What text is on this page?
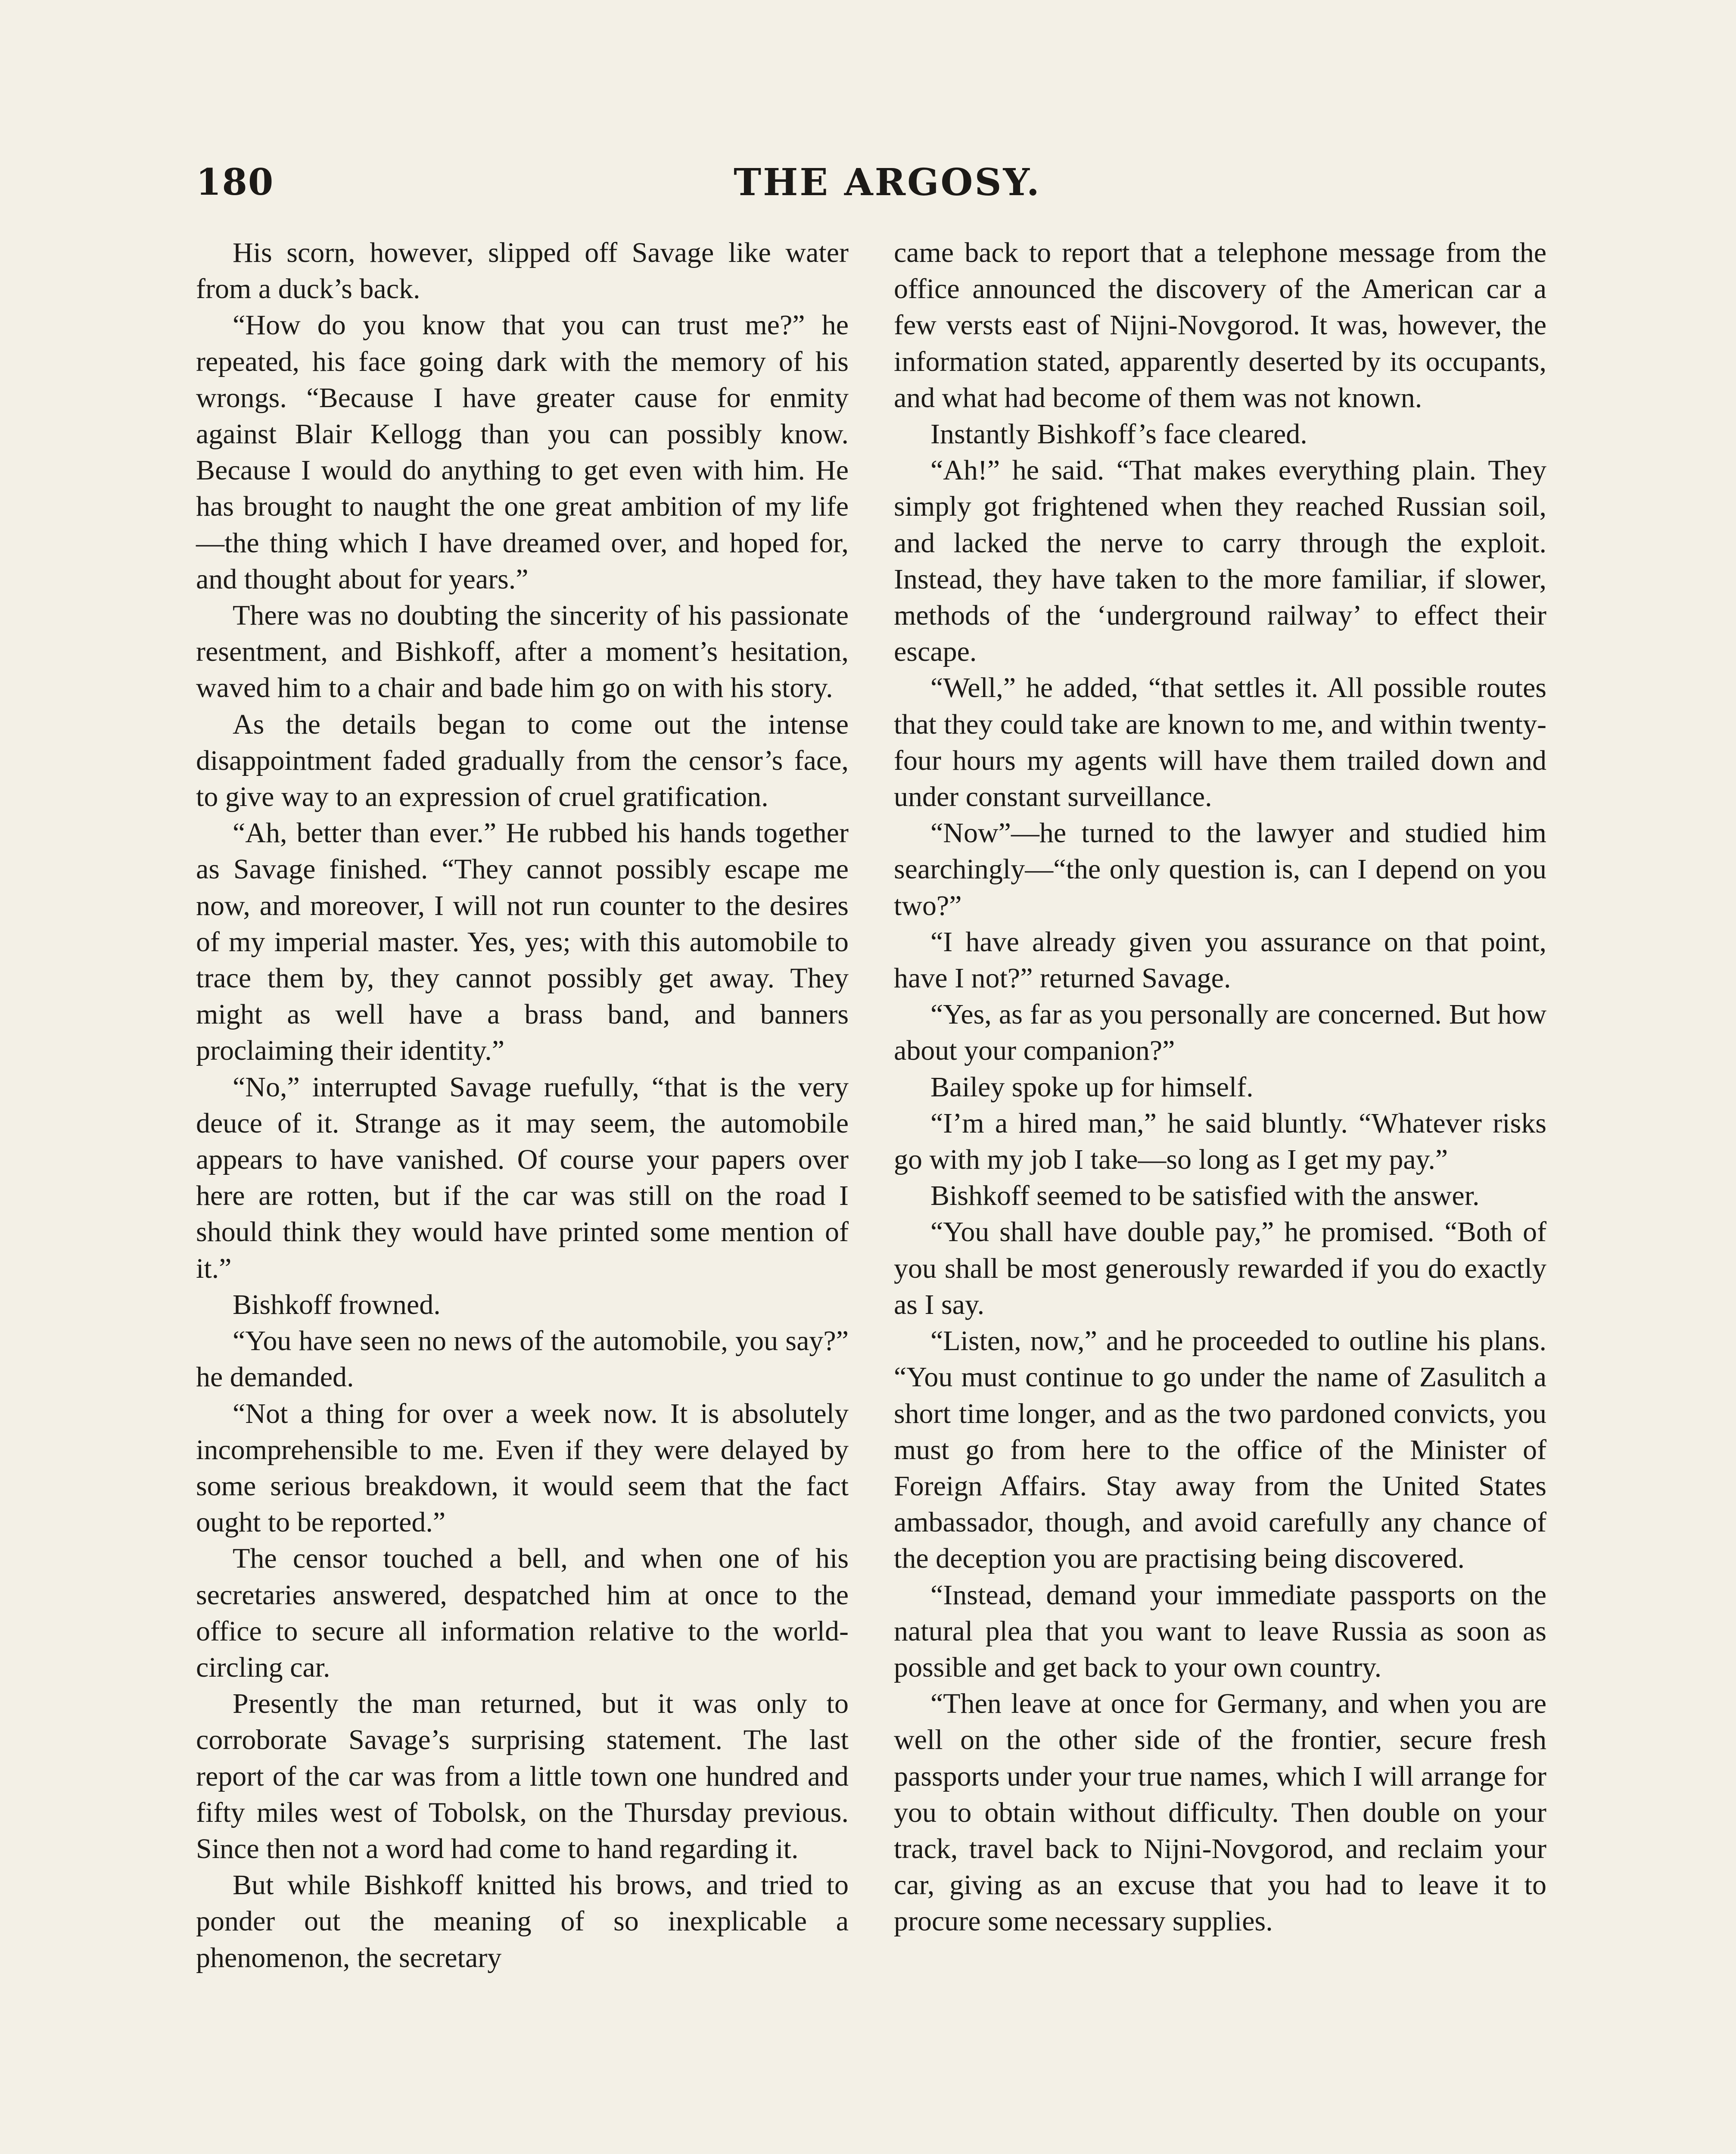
180	THE ARGOSY.

His scorn, however, slipped off Savage like water from a duck’s back.

“How do you know that you can trust me?” he repeated, his face going dark with the memory of his wrongs. “Because I have greater cause for enmity against Blair Kellogg than you can possibly know. Because I would do anything to get even with him. He has brought to naught the one great ambition of my life—the thing which I have dreamed over, and hoped for, and thought about for years.”

There was no doubting the sincerity of his passionate resentment, and Bishkoff, after a moment’s hesitation, waved him to a chair and bade him go on with his story.

As the details began to come out the intense disappointment faded gradually from the censor’s face, to give way to an expression of cruel gratification.

“Ah, better than ever.” He rubbed his hands together as Savage finished. “They cannot possibly escape me now, and moreover, I will not run counter to the desires of my imperial master. Yes, yes; with this automobile to trace them by, they cannot possibly get away. They might as well have a brass band, and banners proclaiming their identity.”

“No,” interrupted Savage ruefully, “that is the very deuce of it. Strange as it may seem, the automobile appears to have vanished. Of course your papers over here are rotten, but if the car was still on the road I should think they would have printed some mention of it.”

Bishkoff frowned.

“You have seen no news of the automobile, you say?” he demanded.

“Not a thing for over a week now. It is absolutely incomprehensible to me. Even if they were delayed by some serious breakdown, it would seem that the fact ought to be reported.”

The censor touched a bell, and when one of his secretaries answered, despatched him at once to the office to secure all information relative to the world-circling car.

Presently the man returned, but it was only to corroborate Savage’s surprising statement. The last report of the car was from a little town one hundred and fifty miles west of Tobolsk, on the Thursday previous. Since then not a word had come to hand regarding it.

But while Bishkoff knitted his brows, and tried to ponder out the meaning of so inexplicable a phenomenon, the secretary

came back to report that a telephone message from the office announced the discovery of the American car a few versts east of Nijni-Novgorod. It was, however, the information stated, apparently deserted by its occupants, and what had become of them was not known.

Instantly Bishkoff’s face cleared.

“Ah!” he said. “That makes everything plain. They simply got frightened when they reached Russian soil, and lacked the nerve to carry through the exploit. Instead, they have taken to the more familiar, if slower, methods of the ‘underground railway’ to effect their escape.

“Well,” he added, “that settles it. All possible routes that they could take are known to me, and within twenty-four hours my agents will have them trailed down and under constant surveillance.

“Now”—he turned to the lawyer and studied him searchingly—“the only question is, can I depend on you two?”

“I have already given you assurance on that point, have I not?” returned Savage.

“Yes, as far as you personally are concerned. But how about your companion?”

Bailey spoke up for himself.

“I’m a hired man,” he said bluntly. “Whatever risks go with my job I take—so long as I get my pay.”

Bishkoff seemed to be satisfied with the answer.

“You shall have double pay,” he promised. “Both of you shall be most generously rewarded if you do exactly as I say.

“Listen, now,” and he proceeded to outline his plans. “You must continue to go under the name of Zasulitch a short time longer, and as the two pardoned convicts, you must go from here to the office of the Minister of Foreign Affairs. Stay away from the United States ambassador, though, and avoid carefully any chance of the deception you are practising being discovered.

“Instead, demand your immediate passports on the natural plea that you want to leave Russia as soon as possible and get back to your own country.

“Then leave at once for Germany, and when you are well on the other side of the frontier, secure fresh passports under your true names, which I will arrange for you to obtain without difficulty. Then double on your track, travel back to Nijni-Novgorod, and reclaim your car, giving as an excuse that you had to leave it to procure some necessary supplies.
